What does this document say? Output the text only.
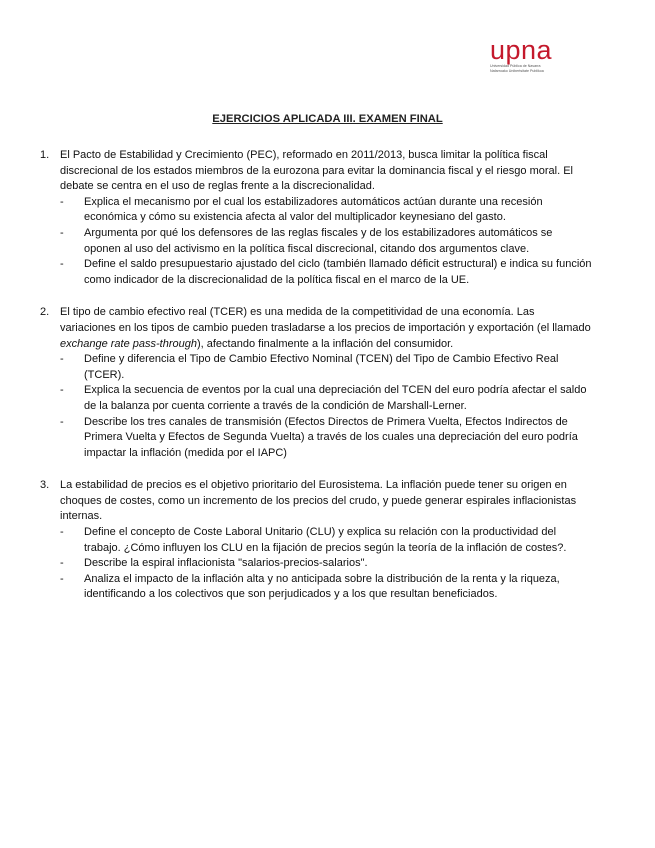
upna
Universidad Pública de Navarra
Nafarroako Unibertsitate Publikoa
EJERCICIOS APLICADA III. EXAMEN FINAL
1. El Pacto de Estabilidad y Crecimiento (PEC), reformado en 2011/2013, busca limitar la política fiscal discrecional de los estados miembros de la eurozona para evitar la dominancia fiscal y el riesgo moral. El debate se centra en el uso de reglas frente a la discrecionalidad.
-	Explica el mecanismo por el cual los estabilizadores automáticos actúan durante una recesión económica y cómo su existencia afecta al valor del multiplicador keynesiano del gasto.
-	Argumenta por qué los defensores de las reglas fiscales y de los estabilizadores automáticos se oponen al uso del activismo en la política fiscal discrecional, citando dos argumentos clave.
-	Define el saldo presupuestario ajustado del ciclo (también llamado déficit estructural) e indica su función como indicador de la discrecionalidad de la política fiscal en el marco de la UE.
2. El tipo de cambio efectivo real (TCER) es una medida de la competitividad de una economía. Las variaciones en los tipos de cambio pueden trasladarse a los precios de importación y exportación (el llamado exchange rate pass-through), afectando finalmente a la inflación del consumidor.
-	Define y diferencia el Tipo de Cambio Efectivo Nominal (TCEN) del Tipo de Cambio Efectivo Real (TCER).
-	Explica la secuencia de eventos por la cual una depreciación del TCEN del euro podría afectar el saldo de la balanza por cuenta corriente a través de la condición de Marshall-Lerner.
-	Describe los tres canales de transmisión (Efectos Directos de Primera Vuelta, Efectos Indirectos de Primera Vuelta y Efectos de Segunda Vuelta) a través de los cuales una depreciación del euro podría impactar la inflación (medida por el IAPC)
3. La estabilidad de precios es el objetivo prioritario del Eurosistema. La inflación puede tener su origen en choques de costes, como un incremento de los precios del crudo, y puede generar espirales inflacionistas internas.
-	Define el concepto de Coste Laboral Unitario (CLU) y explica su relación con la productividad del trabajo. ¿Cómo influyen los CLU en la fijación de precios según la teoría de la inflación de costes?.
-	Describe la espiral inflacionista "salarios-precios-salarios".
-	Analiza el impacto de la inflación alta y no anticipada sobre la distribución de la renta y la riqueza, identificando a los colectivos que son perjudicados y a los que resultan beneficiados.
